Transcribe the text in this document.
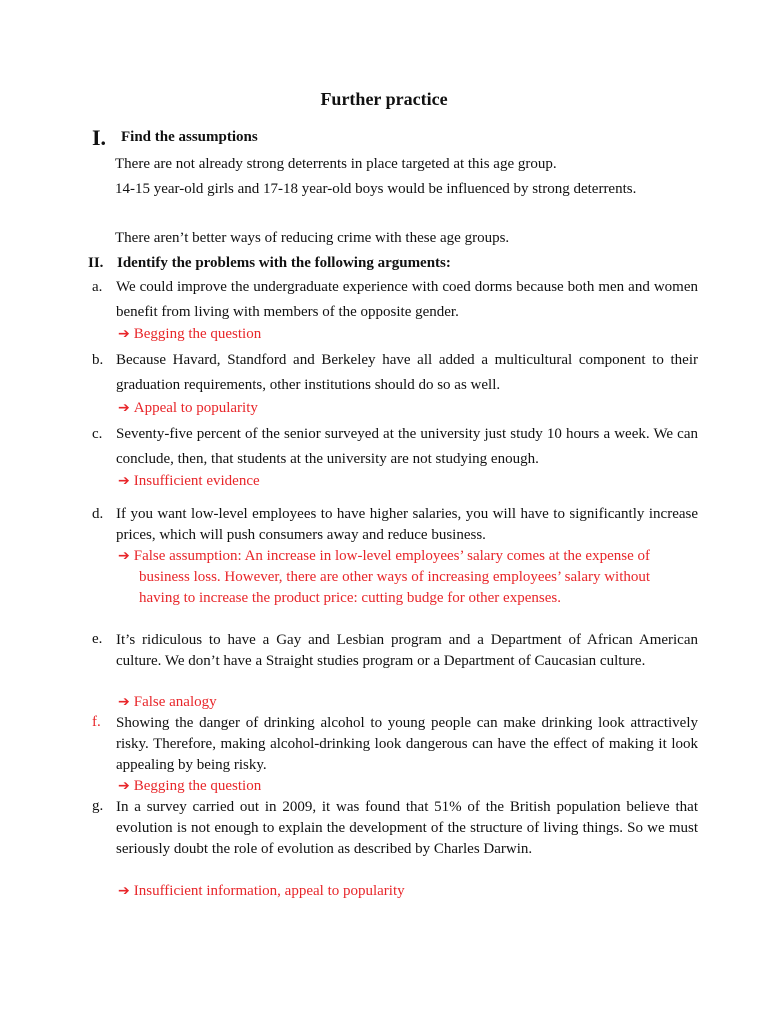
Further practice
I. Find the assumptions
There are not already strong deterrents in place targeted at this age group.
14-15 year-old girls and 17-18 year-old boys would be influenced by strong deterrents.
There aren’t better ways of reducing crime with these age groups.
II. Identify the problems with the following arguments:
a. We could improve the undergraduate experience with coed dorms because both men and women benefit from living with members of the opposite gender.
➔ Begging the question
b. Because Havard, Standford and Berkeley have all added a multicultural component to their graduation requirements, other institutions should do so as well.
➔ Appeal to popularity
c. Seventy-five percent of the senior surveyed at the university just study 10 hours a week. We can conclude, then, that students at the university are not studying enough.
➔ Insufficient evidence
d. If you want low-level employees to have higher salaries, you will have to significantly increase prices, which will push consumers away and reduce business.
➔ False assumption: An increase in low-level employees’ salary comes at the expense of business loss. However, there are other ways of increasing employees’ salary without having to increase the product price: cutting budge for other expenses.
e. It’s ridiculous to have a Gay and Lesbian program and a Department of African American culture. We don’t have a Straight studies program or a Department of Caucasian culture.
➔ False analogy
f. Showing the danger of drinking alcohol to young people can make drinking look attractively risky. Therefore, making alcohol-drinking look dangerous can have the effect of making it look appealing by being risky.
➔ Begging the question
g. In a survey carried out in 2009, it was found that 51% of the British population believe that evolution is not enough to explain the development of the structure of living things. So we must seriously doubt the role of evolution as described by Charles Darwin.
➔ Insufficient information, appeal to popularity
